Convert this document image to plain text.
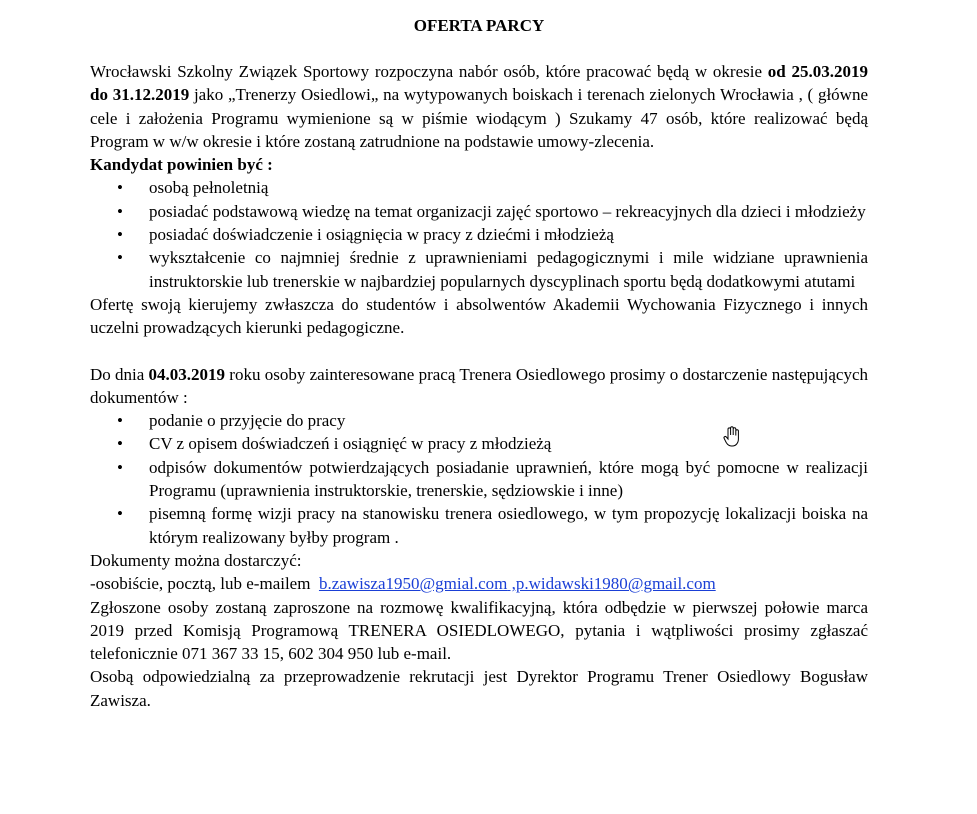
OFERTA PARCY

Wrocławski Szkolny Związek Sportowy rozpoczyna nabór osób, które pracować będą w okresie od 25.03.2019 do 31.12.2019 jako „Trenerzy Osiedlowi„ na wytypowanych boiskach i terenach zielonych Wrocławia , ( główne cele i założenia Programu wymienione są w piśmie wiodącym ) Szukamy 47 osób, które realizować będą Program w w/w okresie i które zostaną zatrudnione na podstawie umowy-zlecenia.

Kandydat powinien być :

• osobą pełnoletnią
• posiadać podstawową wiedzę na temat organizacji zajęć sportowo – rekreacyjnych dla dzieci i młodzieży
• posiadać doświadczenie i osiągnięcia w pracy z dziećmi i młodzieżą
• wykształcenie co najmniej średnie z uprawnieniami pedagogicznymi i mile widziane uprawnienia instruktorskie lub trenerskie w najbardziej popularnych dyscyplinach sportu będą dodatkowymi atutami

Ofertę swoją kierujemy zwłaszcza do studentów i absolwentów Akademii Wychowania Fizycznego i innych uczelni prowadzących kierunki pedagogiczne.

Do dnia 04.03.2019 roku osoby zainteresowane pracą Trenera Osiedlowego prosimy o dostarczenie następujących dokumentów :

• podanie o przyjęcie do pracy
• CV z opisem doświadczeń i osiągnięć w pracy z młodzieżą
• odpisów dokumentów potwierdzających posiadanie uprawnień, które mogą być pomocne w realizacji Programu (uprawnienia instruktorskie, trenerskie, sędziowskie i inne)
• pisemną formę wizji pracy na stanowisku trenera osiedlowego, w tym propozycję lokalizacji boiska na którym realizowany byłby program .

Dokumenty można dostarczyć:

-osobiście, pocztą, lub e-mailem  b.zawisza1950@gmial.com ,p.widawski1980@gmail.com

Zgłoszone osoby zostaną zaproszone na rozmowę kwalifikacyjną, która odbędzie w pierwszej połowie marca 2019 przed Komisją Programową TRENERA OSIEDLOWEGO, pytania i wątpliwości prosimy zgłaszać telefonicznie 071 367 33 15, 602 304 950 lub e-mail.

Osobą odpowiedzialną za przeprowadzenie rekrutacji jest Dyrektor Programu Trener Osiedlowy Bogusław Zawisza.
